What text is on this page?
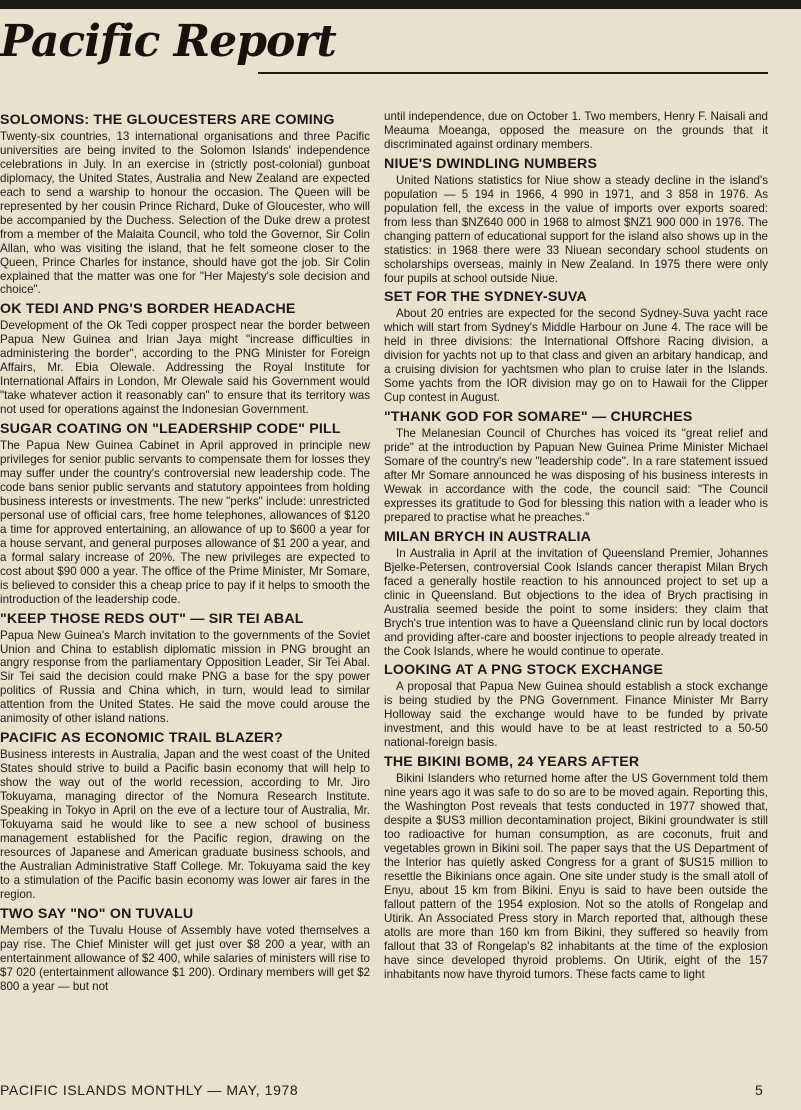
Pacific Report
SOLOMONS: THE GLOUCESTERS ARE COMING

Twenty-six countries, 13 international organisations and three Pacific universities are being invited to the Solomon Islands' independence celebrations in July. In an exercise in (strictly post-colonial) gunboat diplomacy, the United States, Australia and New Zealand are expected each to send a warship to honour the occasion. The Queen will be represented by her cousin Prince Richard, Duke of Gloucester, who will be accompanied by the Duchess. Selection of the Duke drew a protest from a member of the Malaita Council, who told the Governor, Sir Colin Allan, who was visiting the island, that he felt someone closer to the Queen, Prince Charles for instance, should have got the job. Sir Colin explained that the matter was one for "Her Majesty's sole decision and choice".

OK TEDI AND PNG'S BORDER HEADACHE

Development of the Ok Tedi copper prospect near the border between Papua New Guinea and Irian Jaya might "increase difficulties in administering the border", according to the PNG Minister for Foreign Affairs, Mr. Ebia Olewale. Addressing the Royal Institute for International Affairs in London, Mr Olewale said his Government would "take whatever action it reasonably can" to ensure that its territory was not used for operations against the Indonesian Government.

SUGAR COATING ON "LEADERSHIP CODE" PILL

The Papua New Guinea Cabinet in April approved in principle new privileges for senior public servants to compensate them for losses they may suffer under the country's controversial new leadership code. The code bans senior public servants and statutory appointees from holding business interests or investments. The new "perks" include: unrestricted personal use of official cars, free home telephones, allowances of $120 a time for approved entertaining, an allowance of up to $600 a year for a house servant, and general purposes allowance of $1 200 a year, and a formal salary increase of 20%. The new privileges are expected to cost about $90 000 a year. The office of the Prime Minister, Mr Somare, is believed to consider this a cheap price to pay if it helps to smooth the introduction of the leadership code.

"KEEP THOSE REDS OUT" — SIR TEI ABAL

Papua New Guinea's March invitation to the governments of the Soviet Union and China to establish diplomatic mission in PNG brought an angry response from the parliamentary Opposition Leader, Sir Tei Abal. Sir Tei said the decision could make PNG a base for the spy power politics of Russia and China which, in turn, would lead to similar attention from the United States. He said the move could arouse the animosity of other island nations.

PACIFIC AS ECONOMIC TRAIL BLAZER?

Business interests in Australia, Japan and the west coast of the United States should strive to build a Pacific basin economy that will help to show the way out of the world recession, according to Mr. Jiro Tokuyama, managing director of the Nomura Research Institute. Speaking in Tokyo in April on the eve of a lecture tour of Australia, Mr. Tokuyama said he would like to see a new school of business management established for the Pacific region, drawing on the resources of Japanese and American graduate business schools, and the Australian Administrative Staff College. Mr. Tokuyama said the key to a stimulation of the Pacific basin economy was lower air fares in the region.

TWO SAY "NO" ON TUVALU

Members of the Tuvalu House of Assembly have voted themselves a pay rise. The Chief Minister will get just over $8 200 a year, with an entertainment allowance of $2 400, while salaries of ministers will rise to $7 020 (entertainment allowance $1 200). Ordinary members will get $2 800 a year — but not

until independence, due on October 1. Two members, Henry F. Naisali and Meauma Moeanga, opposed the measure on the grounds that it discriminated against ordinary members.

NIUE'S DWINDLING NUMBERS

United Nations statistics for Niue show a steady decline in the island's population — 5 194 in 1966, 4 990 in 1971, and 3 858 in 1976. As population fell, the excess in the value of imports over exports soared: from less than $NZ640 000 in 1968 to almost $NZ1 900 000 in 1976. The changing pattern of educational support for the island also shows up in the statistics: in 1968 there were 33 Niuean secondary school students on scholarships overseas, mainly in New Zealand. In 1975 there were only four pupils at school outside Niue.

SET FOR THE SYDNEY-SUVA

About 20 entries are expected for the second Sydney-Suva yacht race which will start from Sydney's Middle Harbour on June 4. The race will be held in three divisions: the International Offshore Racing division, a division for yachts not up to that class and given an arbitary handicap, and a cruising division for yachtsmen who plan to cruise later in the Islands. Some yachts from the IOR division may go on to Hawaii for the Clipper Cup contest in August.

"THANK GOD FOR SOMARE" — CHURCHES

The Melanesian Council of Churches has voiced its "great relief and pride" at the introduction by Papuan New Guinea Prime Minister Michael Somare of the country's new "leadership code". In a rare statement issued after Mr Somare announced he was disposing of his business interests in Wewak in accordance with the code, the council said: "The Council expresses its gratitude to God for blessing this nation with a leader who is prepared to practise what he preaches."

MILAN BRYCH IN AUSTRALIA

In Australia in April at the invitation of Queensland Premier, Johannes Bjelke-Petersen, controversial Cook Islands cancer therapist Milan Brych faced a generally hostile reaction to his announced project to set up a clinic in Queensland. But objections to the idea of Brych practising in Australia seemed beside the point to some insiders: they claim that Brych's true intention was to have a Queensland clinic run by local doctors and providing after-care and booster injections to people already treated in the Cook Islands, where he would continue to operate.

LOOKING AT A PNG STOCK EXCHANGE

A proposal that Papua New Guinea should establish a stock exchange is being studied by the PNG Government. Finance Minister Mr Barry Holloway said the exchange would have to be funded by private investment, and this would have to be at least restricted to a 50-50 national-foreign basis.

THE BIKINI BOMB, 24 YEARS AFTER

Bikini Islanders who returned home after the US Government told them nine years ago it was safe to do so are to be moved again. Reporting this, the Washington Post reveals that tests conducted in 1977 showed that, despite a $US3 million decontamination project, Bikini groundwater is still too radioactive for human consumption, as are coconuts, fruit and vegetables grown in Bikini soil. The paper says that the US Department of the Interior has quietly asked Congress for a grant of $US15 million to resettle the Bikinians once again. One site under study is the small atoll of Enyu, about 15 km from Bikini. Enyu is said to have been outside the fallout pattern of the 1954 explosion. Not so the atolls of Rongelap and Utirik. An Associated Press story in March reported that, although these atolls are more than 160 km from Bikini, they suffered so heavily from fallout that 33 of Rongelap's 82 inhabitants at the time of the explosion have since developed thyroid problems. On Utirik, eight of the 157 inhabitants now have thyroid tumors. These facts came to light

PACIFIC ISLANDS MONTHLY — MAY, 1978	5
